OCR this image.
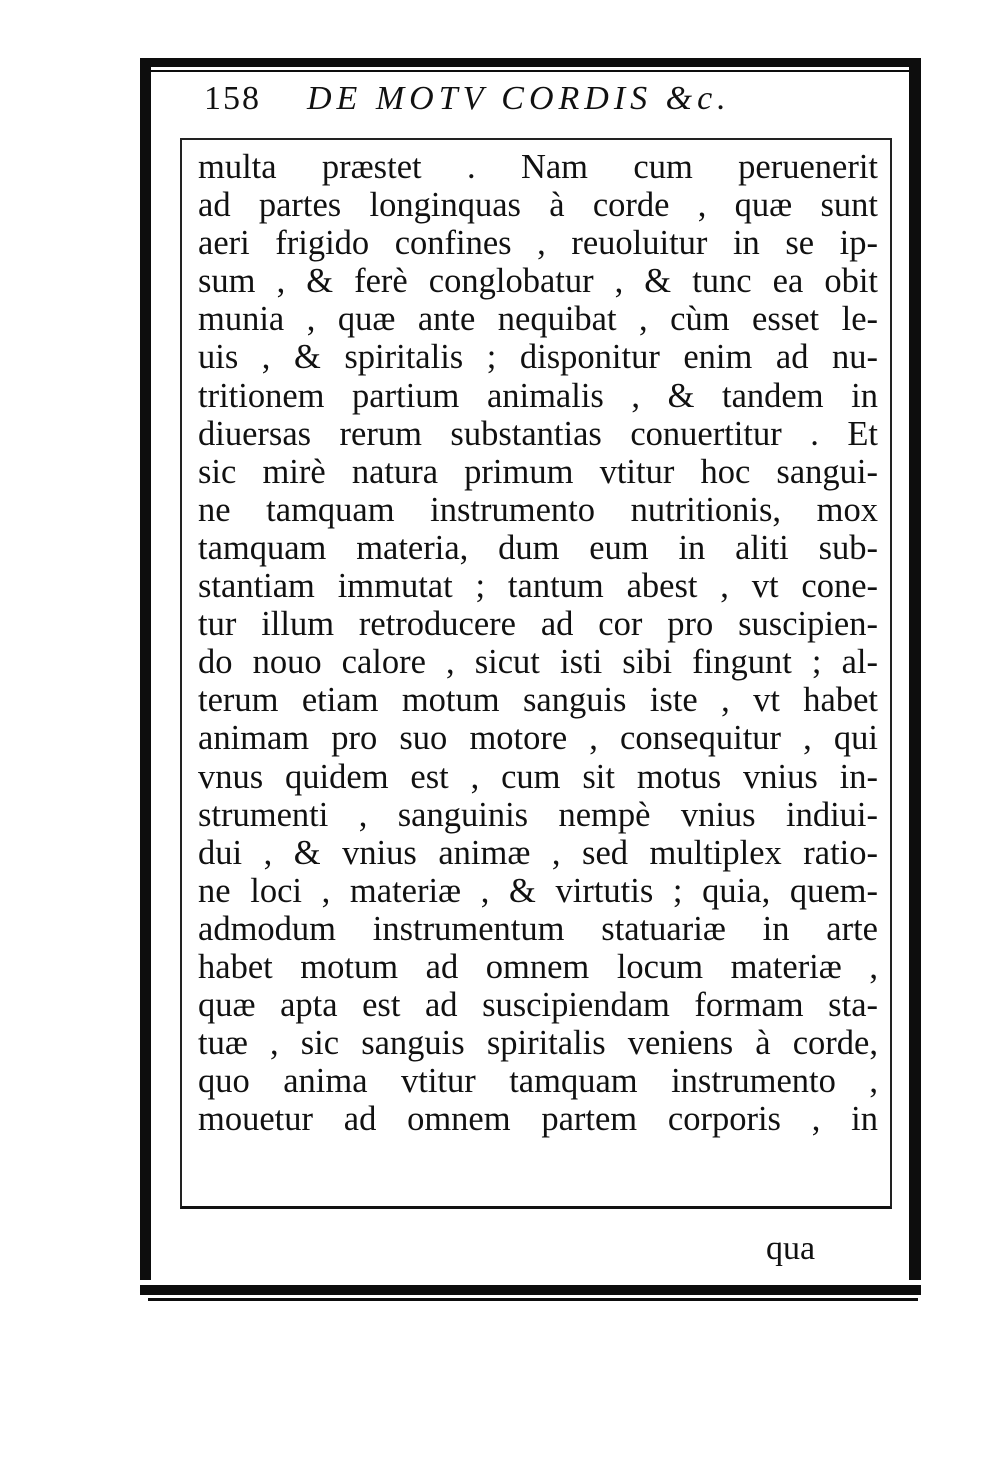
158 DE MOTV CORDIS &c.
multa præstet . Nam cum peruenerit
ad partes longinquas à corde , quæ sunt
aeri frigido confines , reuoluitur in se ip-
sum , & ferè conglobatur , & tunc ea obit
munia , quæ ante nequibat , cùm esset le-
uis , & spiritalis ; disponitur enim ad nu-
tritionem partium animalis , & tandem in
diuersas rerum substantias conuertitur . Et
sic mirè natura primum vtitur hoc sangui-
ne tamquam instrumento nutritionis, mox
tamquam materia, dum eum in aliti sub-
stantiam immutat ; tantum abest , vt cone-
tur illum retroducere ad cor pro suscipien-
do nouo calore , sicut isti sibi fingunt ; al-
terum etiam motum sanguis iste , vt habet
animam pro suo motore , consequitur , qui
vnus quidem est , cum sit motus vnius in-
strumenti , sanguinis nempè vnius indiui-
dui , & vnius animæ , sed multiplex ratio-
ne loci , materiæ , & virtutis ; quia, quem-
admodum instrumentum statuariæ in arte
habet motum ad omnem locum materiæ ,
quæ apta est ad suscipiendam formam sta-
tuæ , sic sanguis spiritalis veniens à corde,
quo anima vtitur tamquam instrumento ,
mouetur ad omnem partem corporis , in
qua
